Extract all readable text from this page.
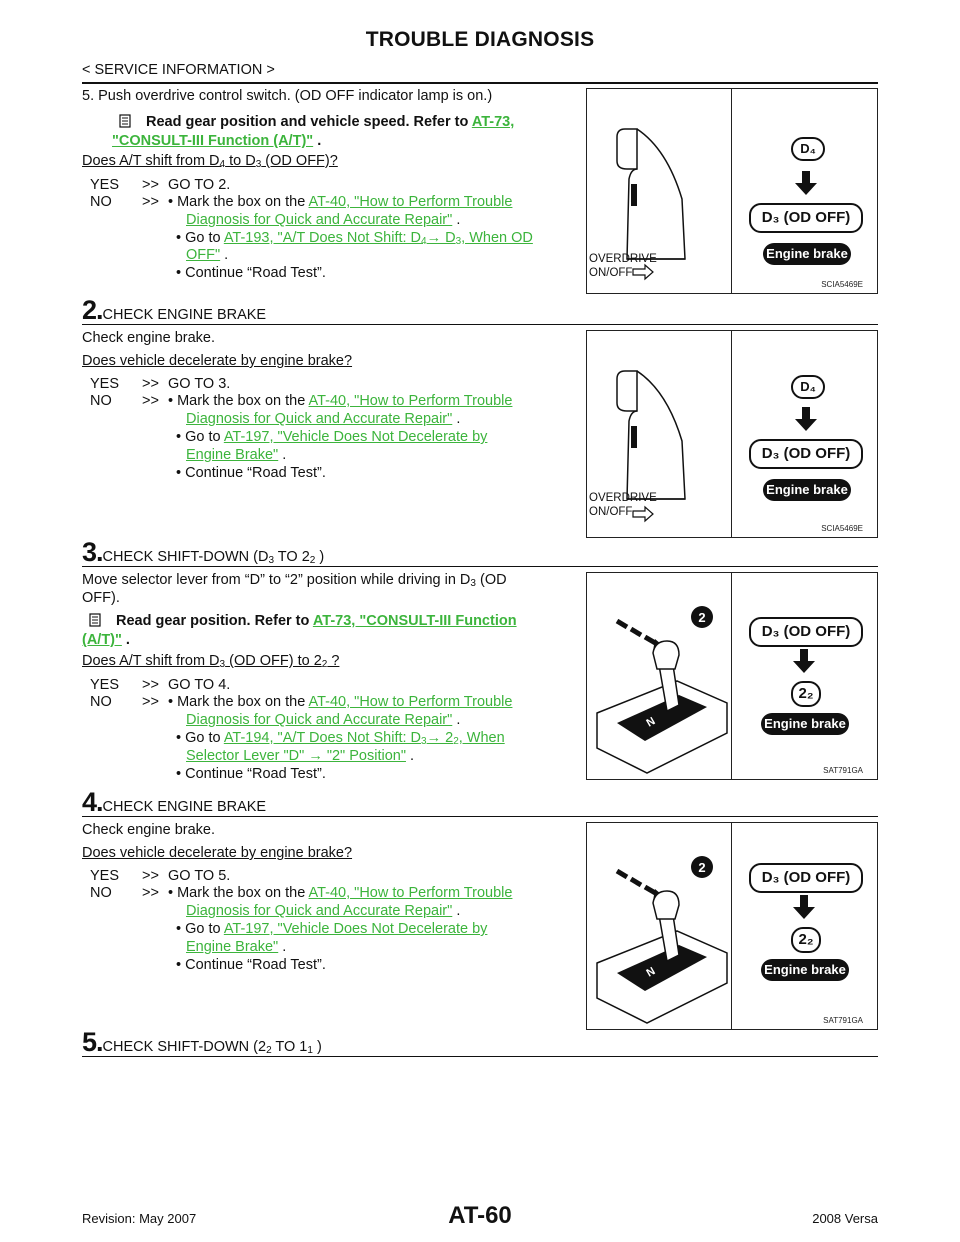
TROUBLE DIAGNOSIS
< SERVICE INFORMATION >
5. Push overdrive control switch. (OD OFF indicator lamp is on.)
Read gear position and vehicle speed. Refer to AT-73,
"CONSULT-III Function (A/T)" .
Does A/T shift from $D_4$ to $D_3$ (OD OFF)?
YES >> GO TO 2.
NO >> • Mark the box on the AT-40, "How to Perform Trouble
Diagnosis for Quick and Accurate Repair" .
• Go to AT-193, "A/T Does Not Shift: $D_4\to D_3$, When OD
OFF" .
• Continue “Road Test”.
OVERDRIVE
ON/OFF
D₄
D₃ (OD OFF)
Engine brake
SCIA5469E
2.CHECK ENGINE BRAKE
Check engine brake.
Does vehicle decelerate by engine brake?
YES >> GO TO 3.
NO >> • Mark the box on the AT-40, "How to Perform Trouble
Diagnosis for Quick and Accurate Repair" .
• Go to AT-197, "Vehicle Does Not Decelerate by
Engine Brake" .
• Continue “Road Test”.
OVERDRIVE
ON/OFF
D₄
D₃ (OD OFF)
Engine brake
SCIA5469E
3.CHECK SHIFT-DOWN ($D_3$ TO $2_2$ )
Move selector lever from “D” to “2” position while driving in $D_3$ (OD
OFF).
Read gear position. Refer to AT-73, "CONSULT-III Function
(A/T)" .
Does A/T shift from $D_3$ (OD OFF) to $2_2$ ?
YES >> GO TO 4.
NO >> • Mark the box on the AT-40, "How to Perform Trouble
Diagnosis for Quick and Accurate Repair" .
• Go to AT-194, "A/T Does Not Shift: $D_3\to 2_2$, When
Selector Lever "D" → "2" Position" .
• Continue “Road Test”.
2
N
D₃ (OD OFF)
2₂
Engine brake
SAT791GA
4.CHECK ENGINE BRAKE
Check engine brake.
Does vehicle decelerate by engine brake?
YES >> GO TO 5.
NO >> • Mark the box on the AT-40, "How to Perform Trouble
Diagnosis for Quick and Accurate Repair" .
• Go to AT-197, "Vehicle Does Not Decelerate by
Engine Brake" .
• Continue “Road Test”.
2
N
D₃ (OD OFF)
2₂
Engine brake
SAT791GA
5.CHECK SHIFT-DOWN ($2_2$ TO $1_1$ )
AT-60
Revision: May 2007	2008 Versa
